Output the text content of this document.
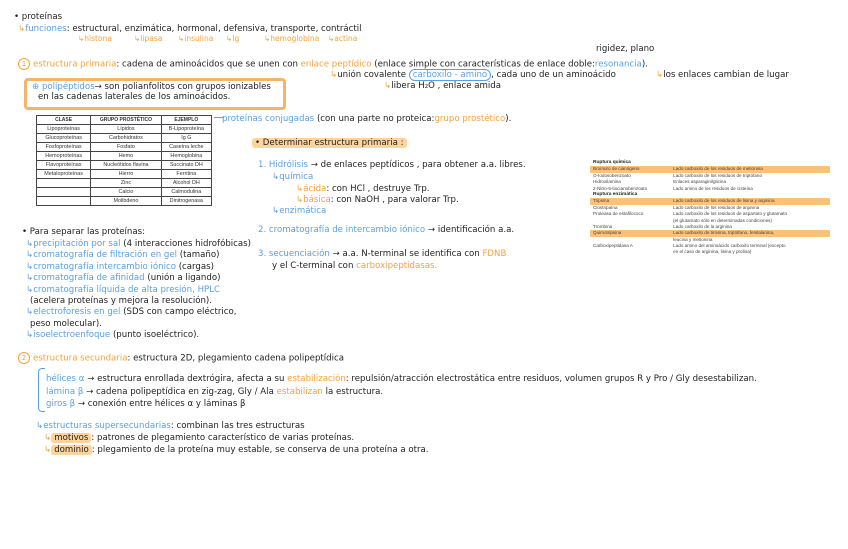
• proteínas
↳funciones: estructural, enzimática, hormonal, defensiva, transporte, contráctil
↳histona	↳lipasa ↳insulina ↳Ig	↳hemoglobina ↳actina
rigidez, plano
1 estructura primaria: cadena de aminoácidos que se unen con enlace peptídico (enlace simple con características de enlace doble:resonancia).
↳unión covalente carboxilo - amino , cada uno de un aminoácido	↳los enlaces cambian de lugar
↳libera H₂O , enlace amida
⊕ polipéptidos→ son polianfolitos con grupos ionizables
en las cadenas laterales de los aminoácidos.
CLASE	GRUPO PROSTÉTICO	EJEMPLO
Lipoproteínas	Lípidos	B-Lipoproteína
Glucoproteínas	Carbohidratos	Ig G
Fosfoproteínas	Fosfato	Caseína leche
Hemoproteínas	Hemo	Hemoglobina
Flavoproteínas	Nucleótidos flavina	Succinato DH
Metaloproteínas	Hierro	Ferritina
	Zinc	Alcohol DH
	Calcio	Calmodulina
	Molibdeno	Dinitrogenasa
proteínas conjugadas (con una parte no proteica:grupo prostético).
• Determinar estructura primaria :
1. Hidrólisis → de enlaces peptídicos , para obtener a.a. libres.
↳química
↳ácida: con HCl , destruye Trp.
↳básica: con NaOH , para valorar Trp.
↳enzimática
2. cromatografía de intercambio iónico → identificación a.a.
3. secuenciación → a.a. N-terminal se identifica con FDNB
y el C-terminal con carboxipeptidasas.
Ruptura química	
Bromuro de cianógeno	Lado carboxilo de los residuos de metionina
O-Iodosobenzoato	Lado carboxilo de los residuos de triptófano
Hidroxilamina	Enlaces asparaginilglicina
2-Nitro-5-tiocianobenzoato	Lado amino de los residuos de cisteína
Ruptura enzimática	
Tripsina	Lado carboxilo de los residuos de lisina y arginina
Clostripaína	Lado carboxilo de los residuos de arginina
Proteasa de estafilococo	Lado carboxilo de los residuos de aspartato y glutamato
	(el glutamato sólo en determinadas condiciones)
Trombina	Lado carboxilo de la arginina
Quimotripsina	Lado carboxilo de tirosina, triptófano, fenilalanina,
	leucina y metionina
Carboxipeptidasa A	Lado amino del aminoácido carboxilo terminal (excepto
	en el caso de arginina, lisina y prolina)
• Para separar las proteínas:
↳precipitación por sal (4 interacciones hidrofóbicas)
↳cromatografía de filtración en gel (tamaño)
↳cromatografía intercambio iónico (cargas)
↳cromatografía de afinidad (unión a ligando)
↳cromatografía líquida de alta presión, HPLC
(acelera proteínas y mejora la resolución).
↳electroforesis en gel (SDS con campo eléctrico,
peso molecular).
↳isoelectroenfoque (punto isoeléctrico).
2 estructura secundaria: estructura 2D, plegamiento cadena polipeptídica
hélices α → estructura enrollada dextrógira, afecta a su estabilización: repulsión/atracción electrostática entre residuos, volumen grupos R y Pro / Gly desestabilizan.
lámina β → cadena polipeptídica en zig-zag, Gly / Ala estabilizan la estructura.
giros β → conexión entre hélices α y láminas β
↳estructuras supersecundarias: combinan las tres estructuras
↳ motivos : patrones de plegamiento característico de varias proteínas.
↳ dominio : plegamiento de la proteína muy estable, se conserva de una proteína a otra.
